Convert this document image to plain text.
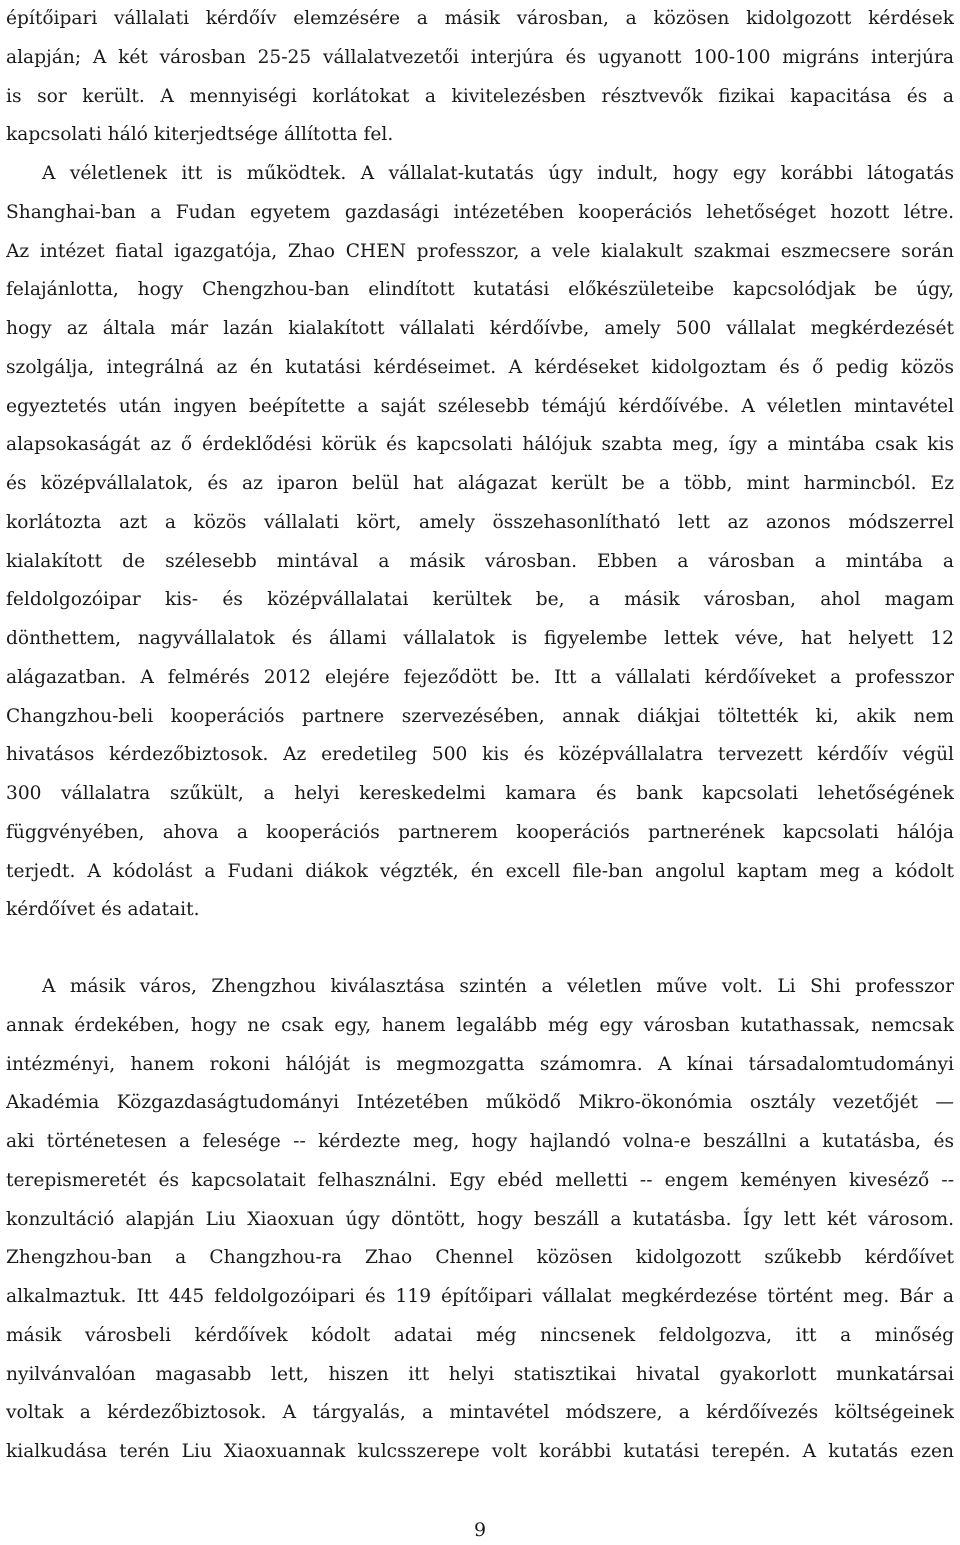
építőipari vállalati kérdőív elemzésére a másik városban, a közösen kidolgozott kérdések
alapján; A két városban 25-25 vállalatvezetői interjúra és ugyanott 100-100 migráns interjúra
is sor került. A mennyiségi korlátokat a kivitelezésben résztvevők fizikai kapacitása és a
kapcsolati háló kiterjedtsége állította fel.
A véletlenek itt is működtek. A vállalat-kutatás úgy indult, hogy egy korábbi látogatás
Shanghai-ban a Fudan egyetem gazdasági intézetében kooperációs lehetőséget hozott létre.
Az intézet fiatal igazgatója, Zhao CHEN professzor, a vele kialakult szakmai eszmecsere során
felajánlotta, hogy Chengzhou-ban elindított kutatási előkészületeibe kapcsolódjak be úgy,
hogy az általa már lazán kialakított vállalati kérdőívbe, amely 500 vállalat megkérdezését
szolgálja, integrálná az én kutatási kérdéseimet. A kérdéseket kidolgoztam és ő pedig közös
egyeztetés után ingyen beépítette a saját szélesebb témájú kérdőívébe. A véletlen mintavétel
alapsokaságát az ő érdeklődési körük és kapcsolati hálójuk szabta meg, így a mintába csak kis
és középvállalatok, és az iparon belül hat alágazat került be a több, mint harmincból. Ez
korlátozta azt a közös vállalati kört, amely összehasonlítható lett az azonos módszerrel
kialakított de szélesebb mintával a másik városban. Ebben a városban a mintába a
feldolgozóipar kis- és középvállalatai kerültek be, a másik városban, ahol magam
dönthettem, nagyvállalatok és állami vállalatok is figyelembe lettek véve, hat helyett 12
alágazatban. A felmérés 2012 elejére fejeződött be. Itt a vállalati kérdőíveket a professzor
Changzhou-beli kooperációs partnere szervezésében, annak diákjai töltették ki, akik nem
hivatásos kérdezőbiztosok. Az eredetileg 500 kis és középvállalatra tervezett kérdőív végül
300 vállalatra szűkült, a helyi kereskedelmi kamara és bank kapcsolati lehetőségének
függvényében, ahova a kooperációs partnerem kooperációs partnerének kapcsolati hálója
terjedt. A kódolást a Fudani diákok végzték, én excell file-ban angolul kaptam meg a kódolt
kérdőívet és adatait.
A másik város, Zhengzhou kiválasztása szintén a véletlen műve volt. Li Shi professzor
annak érdekében, hogy ne csak egy, hanem legalább még egy városban kutathassak, nemcsak
intézményi, hanem rokoni hálóját is megmozgatta számomra. A kínai társadalomtudományi
Akadémia Közgazdaságtudományi Intézetében működő Mikro-ökonómia osztály vezetőjét —
aki történetesen a felesége -- kérdezte meg, hogy hajlandó volna-e beszállni a kutatásba, és
terepismeretét és kapcsolatait felhasználni. Egy ebéd melletti -- engem keményen kiveséző --
konzultáció alapján Liu Xiaoxuan úgy döntött, hogy beszáll a kutatásba. Így lett két városom.
Zhengzhou-ban a Changzhou-ra Zhao Chennel közösen kidolgozott szűkebb kérdőívet
alkalmaztuk. Itt 445 feldolgozóipari és 119 építőipari vállalat megkérdezése történt meg. Bár a
másik városbeli kérdőívek kódolt adatai még nincsenek feldolgozva, itt a minőség
nyilvánvalóan magasabb lett, hiszen itt helyi statisztikai hivatal gyakorlott munkatársai
voltak a kérdezőbiztosok. A tárgyalás, a mintavétel módszere, a kérdőívezés költségeinek
kialkudása terén Liu Xiaoxuannak kulcsszerepe volt korábbi kutatási terepén. A kutatás ezen
9
